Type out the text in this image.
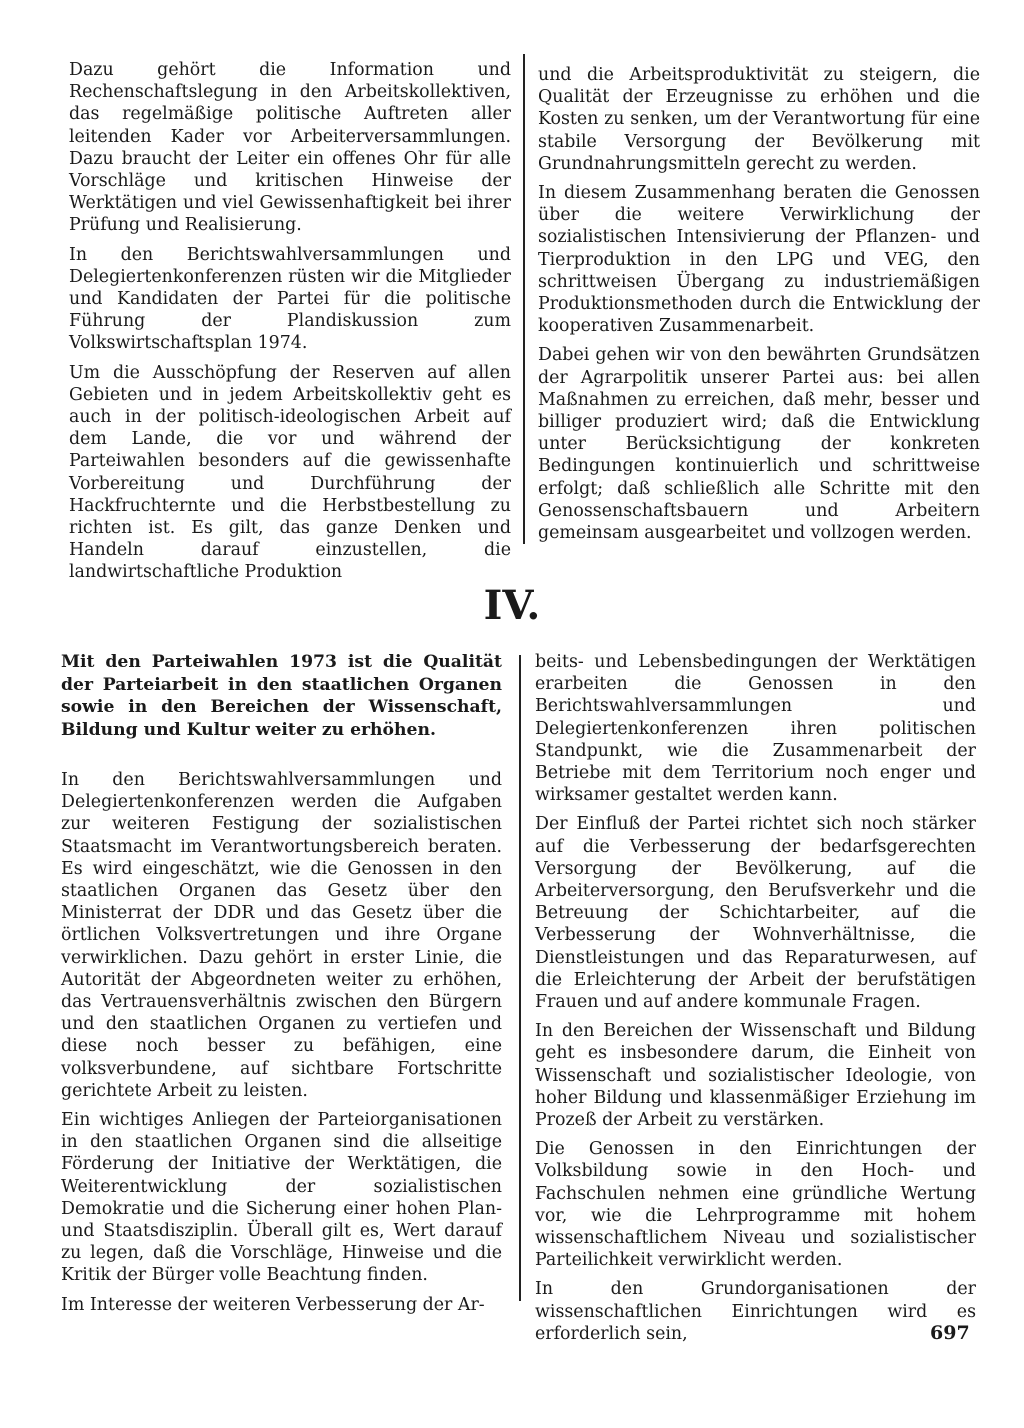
Dazu gehört die Information und Rechenschaftslegung in den Arbeitskollektiven, das regelmäßige politische Auftreten aller leitenden Kader vor Arbeiterversammlungen. Dazu braucht der Leiter ein offenes Ohr für alle Vorschläge und kritischen Hinweise der Werktätigen und viel Gewissenhaftigkeit bei ihrer Prüfung und Realisierung.

In den Berichtswahlversammlungen und Delegiertenkonferenzen rüsten wir die Mitglieder und Kandidaten der Partei für die politische Führung der Plandiskussion zum Volkswirtschaftsplan 1974.

Um die Ausschöpfung der Reserven auf allen Gebieten und in jedem Arbeitskollektiv geht es auch in der politisch-ideologischen Arbeit auf dem Lande, die vor und während der Parteiwahlen besonders auf die gewissenhafte Vorbereitung und Durchführung der Hackfruchternte und die Herbstbestellung zu richten ist. Es gilt, das ganze Denken und Handeln darauf einzustellen, die landwirtschaftliche Produktion

und die Arbeitsproduktivität zu steigern, die Qualität der Erzeugnisse zu erhöhen und die Kosten zu senken, um der Verantwortung für eine stabile Versorgung der Bevölkerung mit Grundnahrungsmitteln gerecht zu werden.

In diesem Zusammenhang beraten die Genossen über die weitere Verwirklichung der sozialistischen Intensivierung der Pflanzen- und Tierproduktion in den LPG und VEG, den schrittweisen Übergang zu industriemäßigen Produktionsmethoden durch die Entwicklung der kooperativen Zusammenarbeit.

Dabei gehen wir von den bewährten Grundsätzen der Agrarpolitik unserer Partei aus: bei allen Maßnahmen zu erreichen, daß mehr, besser und billiger produziert wird; daß die Entwicklung unter Berücksichtigung der konkreten Bedingungen kontinuierlich und schrittweise erfolgt; daß schließlich alle Schritte mit den Genossenschaftsbauern und Arbeitern gemeinsam ausgearbeitet und vollzogen werden.

IV.

Mit den Parteiwahlen 1973 ist die Qualität der Parteiarbeit in den staatlichen Organen sowie in den Bereichen der Wissenschaft, Bildung und Kultur weiter zu erhöhen.

In den Berichtswahlversammlungen und Delegiertenkonferenzen werden die Aufgaben zur weiteren Festigung der sozialistischen Staatsmacht im Verantwortungsbereich beraten. Es wird eingeschätzt, wie die Genossen in den staatlichen Organen das Gesetz über den Ministerrat der DDR und das Gesetz über die örtlichen Volksvertretungen und ihre Organe verwirklichen. Dazu gehört in erster Linie, die Autorität der Abgeordneten weiter zu erhöhen, das Vertrauensverhältnis zwischen den Bürgern und den staatlichen Organen zu vertiefen und diese noch besser zu befähigen, eine volksverbundene, auf sichtbare Fortschritte gerichtete Arbeit zu leisten.

Ein wichtiges Anliegen der Parteiorganisationen in den staatlichen Organen sind die allseitige Förderung der Initiative der Werktätigen, die Weiterentwicklung der sozialistischen Demokratie und die Sicherung einer hohen Plan- und Staatsdisziplin. Überall gilt es, Wert darauf zu legen, daß die Vorschläge, Hinweise und die Kritik der Bürger volle Beachtung finden.

Im Interesse der weiteren Verbesserung der Ar-

beits- und Lebensbedingungen der Werktätigen erarbeiten die Genossen in den Berichtswahlversammlungen und Delegiertenkonferenzen ihren politischen Standpunkt, wie die Zusammenarbeit der Betriebe mit dem Territorium noch enger und wirksamer gestaltet werden kann.

Der Einfluß der Partei richtet sich noch stärker auf die Verbesserung der bedarfsgerechten Versorgung der Bevölkerung, auf die Arbeiterversorgung, den Berufsverkehr und die Betreuung der Schichtarbeiter, auf die Verbesserung der Wohnverhältnisse, die Dienstleistungen und das Reparaturwesen, auf die Erleichterung der Arbeit der berufstätigen Frauen und auf andere kommunale Fragen.

In den Bereichen der Wissenschaft und Bildung geht es insbesondere darum, die Einheit von Wissenschaft und sozialistischer Ideologie, von hoher Bildung und klassenmäßiger Erziehung im Prozeß der Arbeit zu verstärken.

Die Genossen in den Einrichtungen der Volksbildung sowie in den Hoch- und Fachschulen nehmen eine gründliche Wertung vor, wie die Lehrprogramme mit hohem wissenschaftlichem Niveau und sozialistischer Parteilichkeit verwirklicht werden.

In den Grundorganisationen der wissenschaftlichen Einrichtungen wird es erforderlich sein,	697
